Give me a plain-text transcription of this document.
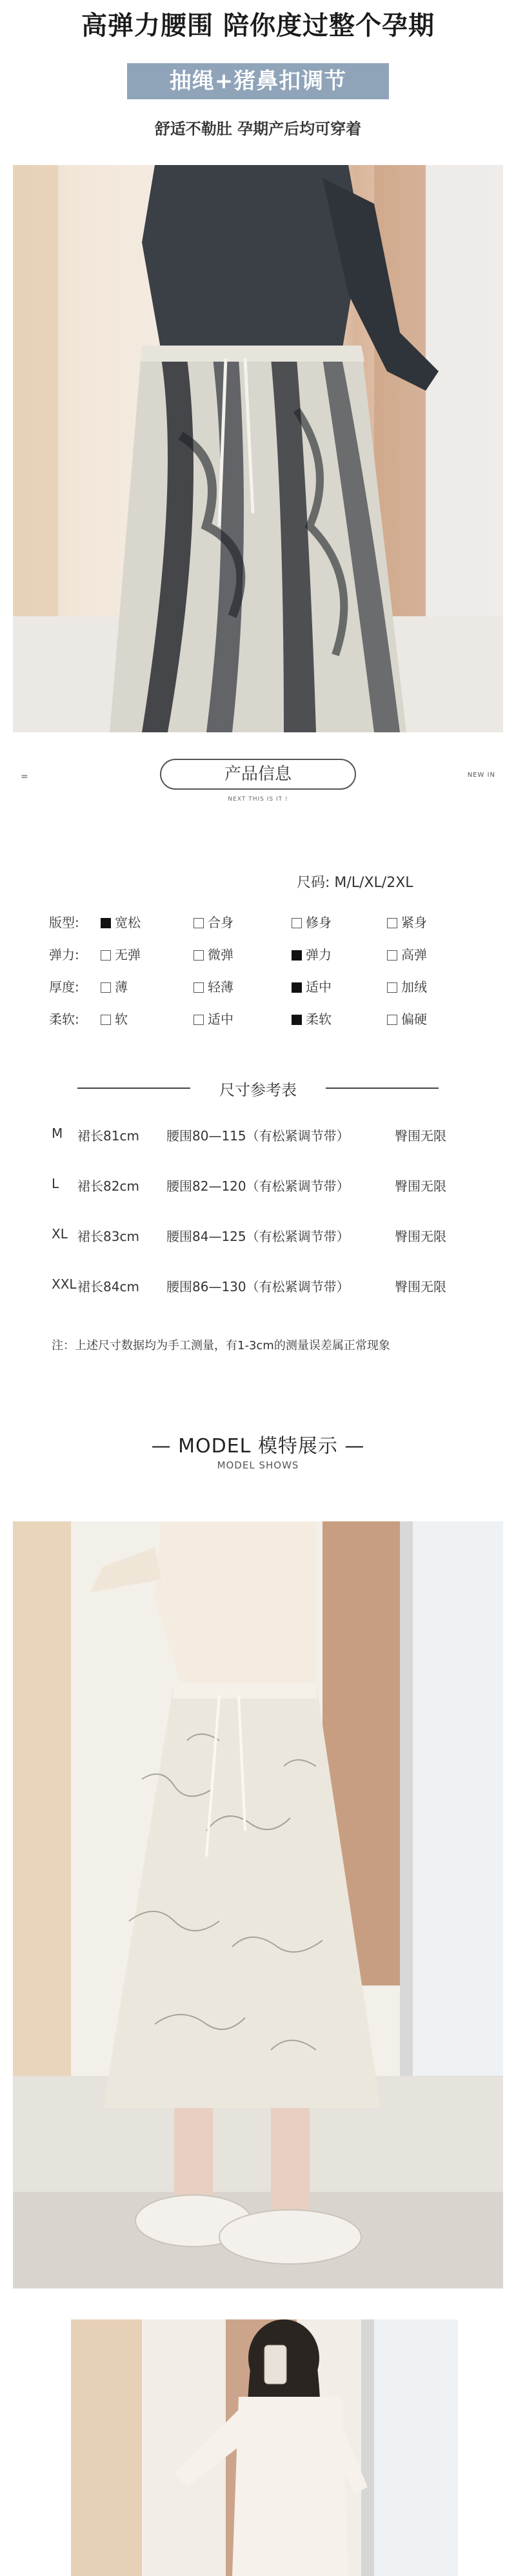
高弹力腰围 陪你度过整个孕期
抽绳+猪鼻扣调节
舒适不勒肚 孕期产后均可穿着
=	NEW IN
产品信息
NEXT THIS IS IT !
尺码: M/L/XL/2XL
版型:	宽松	合身	修身	紧身
弹力:	无弹	微弹	弹力	高弹
厚度:	薄	轻薄	适中	加绒
柔软:	软	适中	柔软	偏硬
尺寸参考表
M 裙长81cm 腰围80—115（有松紧调节带）	臀围无限
L 裙长82cm 腰围82—120（有松紧调节带）	臀围无限
XL 裙长83cm 腰围84—125（有松紧调节带）	臀围无限
XXL 裙长84cm 腰围86—130（有松紧调节带）	臀围无限
注：上述尺寸数据均为手工测量，有1-3cm的测量误差属正常现象
— MODEL 模特展示 —
MODEL SHOWS
